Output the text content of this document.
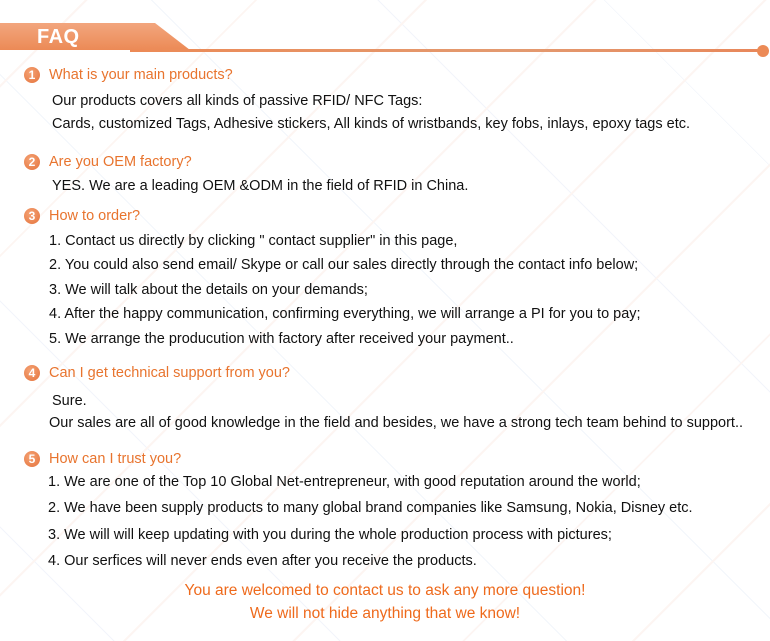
FAQ
1 What is your main products?
Our products covers all kinds of passive RFID/ NFC Tags:
Cards, customized Tags, Adhesive stickers, All kinds of wristbands, key fobs, inlays, epoxy tags etc.
2 Are you OEM factory?
YES. We are a leading OEM &ODM in the field of RFID in China.
3 How to order?
1. Contact us directly by clicking " contact supplier" in this page,
2. You could also send email/ Skype or call our sales directly through the contact info below;
3. We will talk about the details on your demands;
4. After the happy communication, confirming everything, we will arrange a PI for you to pay;
5. We arrange the producution with factory after received your payment..
4 Can I get technical support from you?
Sure.
Our sales are all of good knowledge in the field and besides, we have a strong tech team behind to support..
5 How can I trust you?
1. We are one of the Top 10 Global Net-entrepreneur, with good reputation around the world;
2. We have been supply products to many global brand companies like Samsung, Nokia, Disney etc.
3. We will will keep updating with you during the whole production process with pictures;
4. Our serfices will never ends even after you receive the products.
You are welcomed to contact us to ask any more question!
We will not hide anything that we know!
